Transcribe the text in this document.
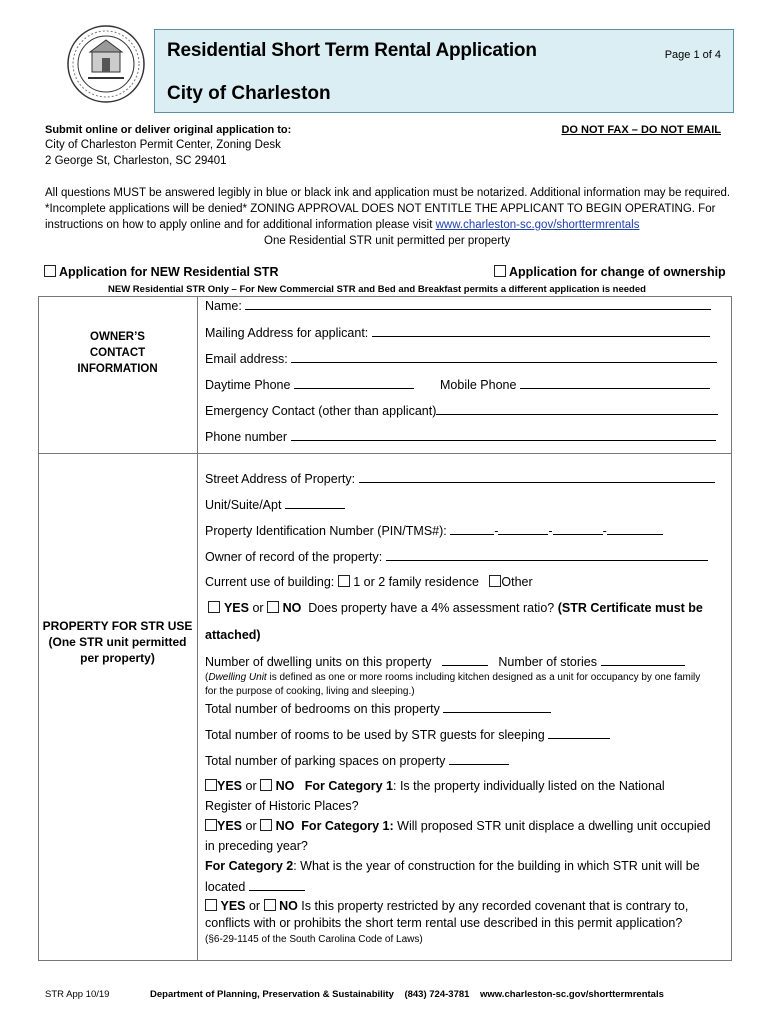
Residential Short Term Rental Application	Page 1 of 4
City of Charleston
Submit online or deliver original application to:
City of Charleston Permit Center, Zoning Desk
2 George St, Charleston, SC 29401
DO NOT FAX – DO NOT EMAIL
All questions MUST be answered legibly in blue or black ink and application must be notarized. Additional information may be required.
*Incomplete applications will be denied* ZONING APPROVAL DOES NOT ENTITLE THE APPLICANT TO BEGIN OPERATING. For
instructions on how to apply online and for additional information please visit www.charleston-sc.gov/shorttermrentals
One Residential STR unit permitted per property
Application for NEW Residential STR	Application for change of ownership
NEW Residential STR Only – For New Commercial STR and Bed and Breakfast permits a different application is needed
OWNER’S
CONTACT
INFORMATION
Name:
Mailing Address for applicant:
Email address:
Daytime Phone	Mobile Phone
Emergency Contact (other than applicant)
Phone number
PROPERTY FOR STR USE
(One STR unit permitted
per property)
Street Address of Property:
Unit/Suite/Apt
Property Identification Number (PIN/TMS#):	-	-	-
Owner of record of the property:
Current use of building: 1 or 2 family residence Other
YES or NO Does property have a 4% assessment ratio? (STR Certificate must be
attached)
Number of dwelling units on this property	Number of stories
(Dwelling Unit is defined as one or more rooms including kitchen designed as a unit for occupancy by one family
for the purpose of cooking, living and sleeping.)
Total number of bedrooms on this property
Total number of rooms to be used by STR guests for sleeping
Total number of parking spaces on property
YES or NO For Category 1: Is the property individually listed on the National
Register of Historic Places?
YES or NO For Category 1: Will proposed STR unit displace a dwelling unit occupied
in preceding year?
For Category 2: What is the year of construction for the building in which STR unit will be
located
YES or NO Is this property restricted by any recorded covenant that is contrary to,
conflicts with or prohibits the short term rental use described in this permit application?
(§6-29-1145 of the South Carolina Code of Laws)
STR App 10/19	Department of Planning, Preservation & Sustainability (843) 724-3781 www.charleston-sc.gov/shorttermrentals
